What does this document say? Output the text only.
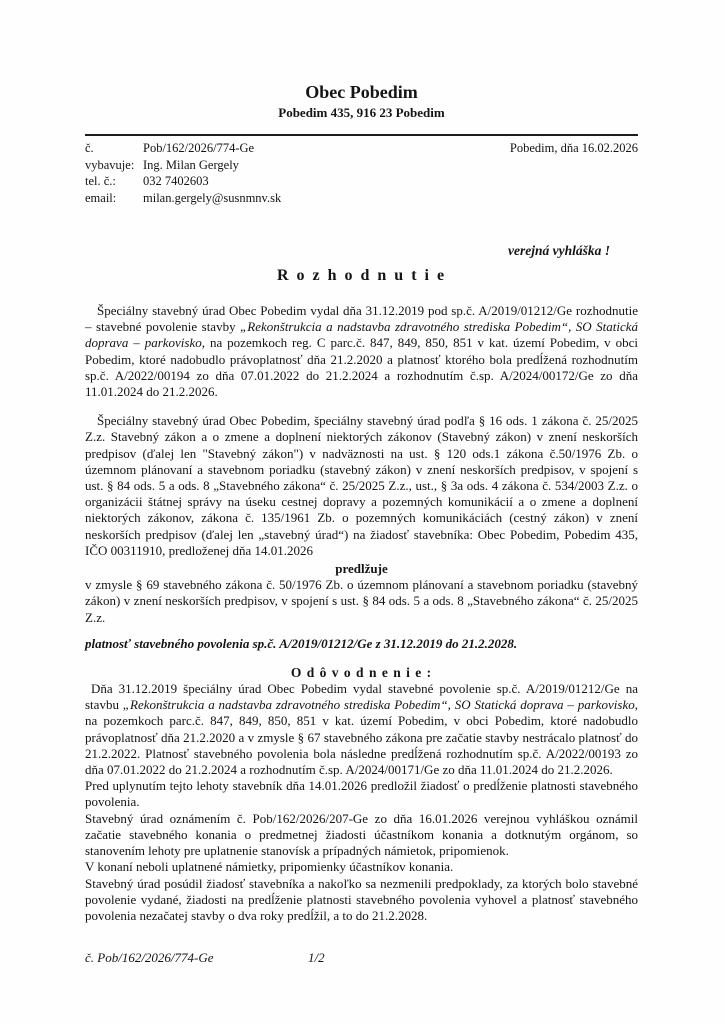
Obec Pobedim
Pobedim 435, 916 23 Pobedim
č.	Pob/162/2026/774-Ge	Pobedim, dňa 16.02.2026
vybavuje: Ing. Milan Gergely
tel. č.: 032 7402603
email: milan.gergely@susnmnv.sk
verejná vyhláška !
R o z h o d n u t i e

Špeciálny stavebný úrad Obec Pobedim vydal dňa 31.12.2019 pod sp.č. A/2019/01212/Ge rozhodnutie – stavebné povolenie stavby „Rekonštrukcia a nadstavba zdravotného strediska Pobedim“, SO Statická doprava – parkovisko, na pozemkoch reg. C parc.č. 847, 849, 850, 851 v kat. území Pobedim, v obci Pobedim, ktoré nadobudlo právoplatnosť dňa 21.2.2020 a platnosť ktorého bola predĺžená rozhodnutím sp.č. A/2022/00194 zo dňa 07.01.2022 do 21.2.2024 a rozhodnutím č.sp. A/2024/00172/Ge zo dňa 11.01.2024 do 21.2.2026.

Špeciálny stavebný úrad Obec Pobedim, špeciálny stavebný úrad podľa § 16 ods. 1 zákona č. 25/2025 Z.z. Stavebný zákon a o zmene a doplnení niektorých zákonov (Stavebný zákon) v znení neskorších predpisov (ďalej len "Stavebný zákon") v nadväznosti na ust. § 120 ods.1 zákona č.50/1976 Zb. o územnom plánovaní a stavebnom poriadku (stavebný zákon) v znení neskorších predpisov, v spojení s ust. § 84 ods. 5 a ods. 8 „Stavebného zákona“ č. 25/2025 Z.z., ust., § 3a ods. 4 zákona č. 534/2003 Z.z. o organizácii štátnej správy na úseku cestnej dopravy a pozemných komunikácií a o zmene a doplnení niektorých zákonov, zákona č. 135/1961 Zb. o pozemných komunikáciách (cestný zákon) v znení neskorších predpisov (ďalej len „stavebný úrad“) na žiadosť stavebníka: Obec Pobedim, Pobedim 435, IČO 00311910, predloženej dňa 14.01.2026

predlžuje

v zmysle § 69 stavebného zákona č. 50/1976 Zb. o územnom plánovaní a stavebnom poriadku (stavebný zákon) v znení neskorších predpisov, v spojení s ust. § 84 ods. 5 a ods. 8 „Stavebného zákona“ č. 25/2025 Z.z.

platnosť stavebného povolenia sp.č. A/2019/01212/Ge z 31.12.2019 do 21.2.2028.

O d ô v o d n e n i e :

Dňa 31.12.2019 špeciálny úrad Obec Pobedim vydal stavebné povolenie sp.č. A/2019/01212/Ge na stavbu „Rekonštrukcia a nadstavba zdravotného strediska Pobedim“, SO Statická doprava – parkovisko, na pozemkoch parc.č. 847, 849, 850, 851 v kat. území Pobedim, v obci Pobedim, ktoré nadobudlo právoplatnosť dňa 21.2.2020 a v zmysle § 67 stavebného zákona pre začatie stavby nestrácalo platnosť do 21.2.2022. Platnosť stavebného povolenia bola následne predĺžená rozhodnutím sp.č. A/2022/00193 zo dňa 07.01.2022 do 21.2.2024 a rozhodnutím č.sp. A/2024/00171/Ge zo dňa 11.01.2024 do 21.2.2026.

Pred uplynutím tejto lehoty stavebník dňa 14.01.2026 predložil žiadosť o predĺženie platnosti stavebného povolenia.

Stavebný úrad oznámením č. Pob/162/2026/207-Ge zo dňa 16.01.2026 verejnou vyhláškou oznámil začatie stavebného konania o predmetnej žiadosti účastníkom konania a dotknutým orgánom, so stanovením lehoty pre uplatnenie stanovísk a prípadných námietok, pripomienok.

V konaní neboli uplatnené námietky, pripomienky účastníkov konania.

Stavebný úrad posúdil žiadosť stavebníka a nakoľko sa nezmenili predpoklady, za ktorých bolo stavebné povolenie vydané, žiadosti na predĺženie platnosti stavebného povolenia vyhovel a platnosť stavebného povolenia nezačatej stavby o dva roky predĺžil, a to do 21.2.2028.

č. Pob/162/2026/774-Ge	1/2
